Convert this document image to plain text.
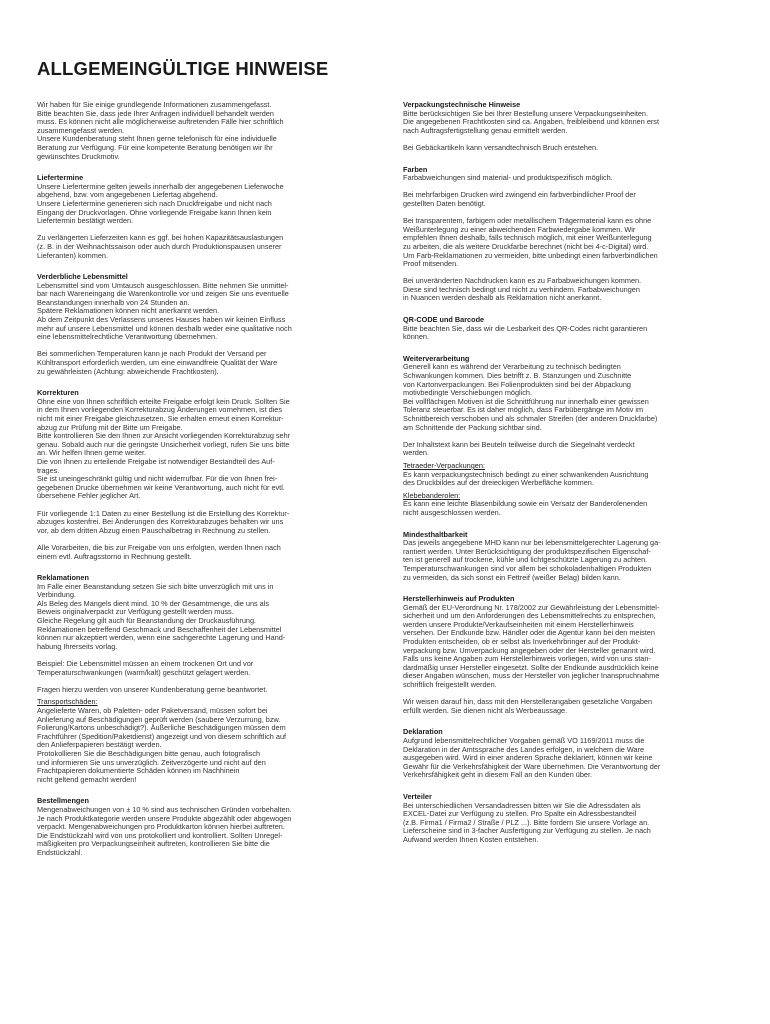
ALLGEMEINGÜLTIGE HINWEISE

Wir haben für Sie einige grundlegende Informationen zusammengefasst.
Bitte beachten Sie, dass jede Ihrer Anfragen individuell behandelt werden
muss. Es können nicht alle möglicherweise auftretenden Fälle hier schriftlich
zusammengefasst werden.
Unsere Kundenberatung steht Ihnen gerne telefonisch für eine individuelle
Beratung zur Verfügung. Für eine kompetente Beratung benötigen wir Ihr
gewünschtes Druckmotiv.

Liefertermine

Unsere Liefertermine gelten jeweils innerhalb der angegebenen Lieferwoche
abgehend, bzw. vom angegebenen Liefertag abgehend.
Unsere Liefertermine generieren sich nach Druckfreigabe und nicht nach
Eingang der Druckvorlagen. Ohne vorliegende Freigabe kann Ihnen kein
Liefertermin bestätigt werden.

Zu verlängerten Lieferzeiten kann es ggf. bei hohen Kapazitätsauslastungen
(z. B. in der Weihnachtssaison oder auch durch Produktionspausen unserer
Lieferanten) kommen.

Verderbliche Lebensmittel

Lebensmittel sind vom Umtausch ausgeschlossen. Bitte nehmen Sie unmittel-
bar nach Wareneingang die Warenkontrolle vor und zeigen Sie uns eventuelle
Beanstandungen innerhalb von 24 Stunden an.
Spätere Reklamationen können nicht anerkannt werden.
Ab dem Zeitpunkt des Verlassens unseres Hauses haben wir keinen Einfluss
mehr auf unsere Lebensmittel und können deshalb weder eine qualitative noch
eine lebensmittelrechtliche Verantwortung übernehmen.

Bei sommerlichen Temperaturen kann je nach Produkt der Versand per
Kühltransport erforderlich werden, um eine einwandfreie Qualität der Ware
zu gewährleisten (Achtung: abweichende Frachtkosten).

Korrekturen

Ohne eine von Ihnen schriftlich erteilte Freigabe erfolgt kein Druck. Sollten Sie
in dem Ihnen vorliegenden Korrekturabzug Änderungen vornehmen, ist dies
nicht mit einer Freigabe gleichzusetzen. Sie erhalten erneut einen Korrektur-
abzug zur Prüfung mit der Bitte um Freigabe.
Bitte kontrollieren Sie den Ihnen zur Ansicht vorliegenden Korrekturabzug sehr
genau. Sobald auch nur die geringste Unsicherheit vorliegt, rufen Sie uns bitte
an. Wir helfen Ihnen gerne weiter.
Die von Ihnen zu erteilende Freigabe ist notwendiger Bestandteil des Auf-
trages.
Sie ist uneingeschränkt gültig und nicht widerrufbar. Für die von Ihnen frei-
gegebenen Drucke übernehmen wir keine Verantwortung, auch nicht für evtl.
übersehene Fehler jeglicher Art.

Für vorliegende 1:1 Daten zu einer Bestellung ist die Erstellung des Korrektur-
abzuges kostenfrei. Bei Änderungen des Korrekturabzuges behalten wir uns
vor, ab dem dritten Abzug einen Pauschalbetrag in Rechnung zu stellen.

Alle Vorarbeiten, die bis zur Freigabe von uns erfolgten, werden Ihnen nach
einem evtl. Auftragsstorno in Rechnung gestellt.

Reklamationen

Im Falle einer Beanstandung setzen Sie sich bitte unverzüglich mit uns in
Verbindung.
Als Beleg des Mangels dient mind. 10 % der Gesamtmenge, die uns als
Beweis originalverpackt zur Verfügung gestellt werden muss.
Gleiche Regelung gilt auch für Beanstandung der Druckausführung.
Reklamationen betreffend Geschmack und Beschaffenheit der Lebensmittel
können nur akzeptiert werden, wenn eine sachgerechte Lagerung und Hand-
habung Ihrerseits vorlag.

Beispiel: Die Lebensmittel müssen an einem trockenen Ort und vor
Temperaturschwankungen (warm/kalt) geschützt gelagert werden.

Fragen hierzu werden von unserer Kundenberatung gerne beantwortet.

Transportschäden:

Angelieferte Waren, ob Paletten- oder Paketversand, müssen sofort bei
Anlieferung auf Beschädigungen geprüft werden (saubere Verzurrung, bzw.
Folierung/Kartons unbeschädigt?). Äußerliche Beschädigungen müssen dem
Frachtführer (Spedition/Paketdienst) angezeigt und von diesem schriftlich auf
den Anlieferpapieren bestätigt werden.
Protokollieren Sie die Beschädigungen bitte genau, auch fotografisch
und informieren Sie uns unverzüglich. Zeitverzögerte und nicht auf den
Frachtpapieren dokumentierte Schäden können im Nachhinein
nicht geltend gemacht werden!

Bestellmengen

Mengenabweichungen von ± 10 % sind aus technischen Gründen vorbehalten.
Je nach Produktkategorie werden unsere Produkte abgezählt oder abgewogen
verpackt. Mengenabweichungen pro Produktkarton können hierbei auftreten.
Die Endstückzahl wird von uns protokolliert und kontrolliert. Sollten Unregel-
mäßigkeiten pro Verpackungseinheit auftreten, kontrollieren Sie bitte die
Endstückzahl.

Verpackungstechnische Hinweise

Bitte berücksichtigen Sie bei Ihrer Bestellung unsere Verpackungseinheiten.
Die angegebenen Frachtkosten sind ca. Angaben, freibleibend und können erst
nach Auftragsfertigstellung genau ermittelt werden.

Bei Gebäckartikeln kann versandtechnisch Bruch entstehen.

Farben

Farbabweichungen sind material- und produktspezifisch möglich.

Bei mehrfarbigen Drucken wird zwingend ein farbverbindlicher Proof der
gestellten Daten benötigt.

Bei transparentem, farbigem oder metallischem Trägermaterial kann es ohne
Weißunterlegung zu einer abweichenden Farbwiedergabe kommen. Wir
empfehlen Ihnen deshalb, falls technisch möglich, mit einer Weißunterlegung
zu arbeiten, die als weitere Druckfarbe berechnet (nicht bei 4-c-Digital) wird.
Um Farb-Reklamationen zu vermeiden, bitte unbedingt einen farbverbindlichen
Proof mitsenden.

Bei unveränderten Nachdrucken kann es zu Farbabweichungen kommen.
Diese sind technisch bedingt und nicht zu verhindern. Farbabweichungen
in Nuancen werden deshalb als Reklamation nicht anerkannt.

QR-CODE und Barcode

Bitte beachten Sie, dass wir die Lesbarkeit des QR-Codes nicht garantieren
können.

Weiterverarbeitung

Generell kann es während der Verarbeitung zu technisch bedingten
Schwankungen kommen. Dies betrifft z. B. Stanzungen und Zuschnitte
von Kartonverpackungen. Bei Folienprodukten sind bei der Abpackung
motivbedingte Verschiebungen möglich.
Bei vollflächigen Motiven ist die Schnittführung nur innerhalb einer gewissen
Toleranz steuerbar. Es ist daher möglich, dass Farbübergänge im Motiv im
Schnittbereich verschoben und als schmaler Streifen (der anderen Druckfarbe)
am Schnittende der Packung sichtbar sind.

Der Inhaltstext kann bei Beuteln teilweise durch die Siegelnaht verdeckt
werden.

Tetraeder-Verpackungen:

Es kann verpackungstechnisch bedingt zu einer schwankenden Ausrichtung
des Druckbildes auf der dreieckigen Werbefläche kommen.

Klebebanderolen:

Es kann eine leichte Blasenbildung sowie ein Versatz der Banderolenenden
nicht ausgeschlossen werden.

Mindesthaltbarkeit

Das jeweils angegebene MHD kann nur bei lebensmittelgerechter Lagerung ga-
rantiert werden. Unter Berücksichtigung der produktspezifischen Eigenschaf-
ten ist generell auf trockene, kühle und lichtgeschützte Lagerung zu achten.
Temperaturschwankungen sind vor allem bei schokoladenhaltigen Produkten
zu vermeiden, da sich sonst ein Fettreif (weißer Belag) bilden kann.

Herstellerhinweis auf Produkten

Gemäß der EU-Verordnung Nr. 178/2002 zur Gewährleistung der Lebensmittel-
sicherheit und um den Anforderungen des Lebensmittelrechts zu entsprechen,
werden unsere Produkte/Verkaufseinheiten mit einem Herstellerhinweis
versehen. Der Endkunde bzw. Händler oder die Agentur kann bei den meisten
Produkten entscheiden, ob er selbst als Inverkehrbringer auf der Produkt-
verpackung bzw. Umverpackung angegeben oder der Hersteller genannt wird.
Falls uns keine Angaben zum Herstellerhinweis vorliegen, wird von uns stan-
dardmäßig unser Hersteller eingesetzt. Sollte der Endkunde ausdrücklich keine
dieser Angaben wünschen, muss der Hersteller von jeglicher Inanspruchnahme
schriftlich freigestellt werden.

Wir weisen darauf hin, dass mit den Herstellerangaben gesetzliche Vorgaben
erfüllt werden. Sie dienen nicht als Werbeaussage.

Deklaration

Aufgrund lebensmittelrechtlicher Vorgaben gemäß VO 1169/2011 muss die
Deklaration in der Amtssprache des Landes erfolgen, in welchem die Ware
ausgegeben wird. Wird in einer anderen Sprache deklariert, können wir keine
Gewähr für die Verkehrsfähigkeit der Ware übernehmen. Die Verantwortung der
Verkehrsfähigkeit geht in diesem Fall an den Kunden über.

Verteiler

Bei unterschiedlichen Versandadressen bitten wir Sie die Adressdaten als
EXCEL-Datei zur Verfügung zu stellen. Pro Spalte ein Adressbestandteil
(z.B. Firma1 / Firma2 / Straße / PLZ ...). Bitte fordern Sie unsere Vorlage an.
Lieferscheine sind in 3-facher Ausfertigung zur Verfügung zu stellen. Je nach
Aufwand werden Ihnen Kosten entstehen.
